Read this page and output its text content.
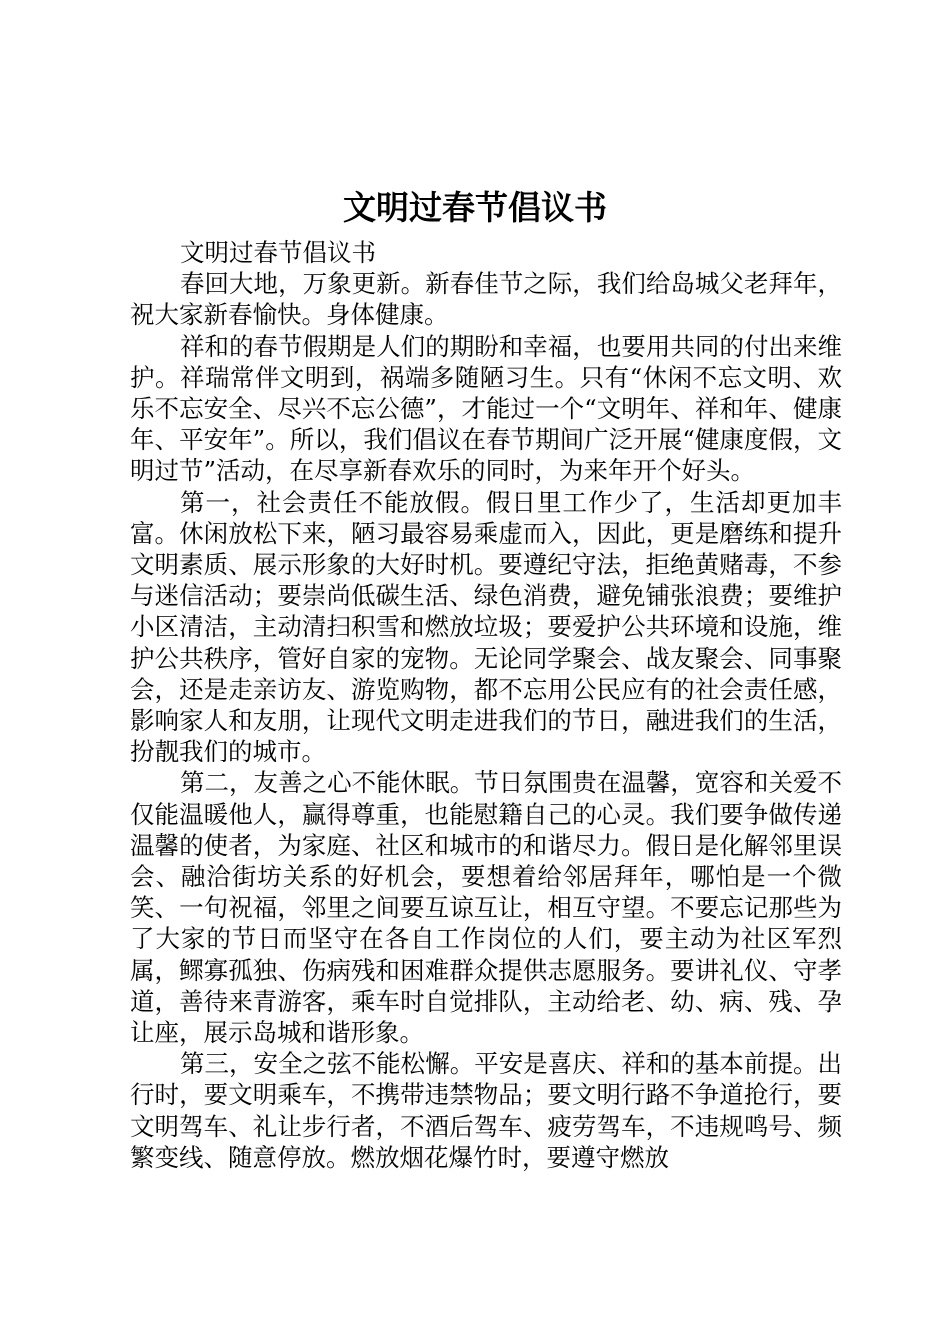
文明过春节倡议书

文明过春节倡议书

春回大地，万象更新。新春佳节之际，我们给岛城父老拜年，祝大家新春愉快。身体健康。

祥和的春节假期是人们的期盼和幸福，也要用共同的付出来维护。祥瑞常伴文明到，祸端多随陋习生。只有“休闲不忘文明、欢乐不忘安全、尽兴不忘公德”，才能过一个“文明年、祥和年、健康年、平安年”。所以，我们倡议在春节期间广泛开展“健康度假，文明过节”活动，在尽享新春欢乐的同时，为来年开个好头。

第一，社会责任不能放假。假日里工作少了，生活却更加丰富。休闲放松下来，陋习最容易乘虚而入，因此，更是磨练和提升文明素质、展示形象的大好时机。要遵纪守法，拒绝黄赌毒，不参与迷信活动；要崇尚低碳生活、绿色消费，避免铺张浪费；要维护小区清洁，主动清扫积雪和燃放垃圾；要爱护公共环境和设施，维护公共秩序，管好自家的宠物。无论同学聚会、战友聚会、同事聚会，还是走亲访友、游览购物，都不忘用公民应有的社会责任感，影响家人和友朋，让现代文明走进我们的节日，融进我们的生活，扮靓我们的城市。

第二，友善之心不能休眠。节日氛围贵在温馨，宽容和关爱不仅能温暖他人，赢得尊重，也能慰籍自己的心灵。我们要争做传递温馨的使者，为家庭、社区和城市的和谐尽力。假日是化解邻里误会、融洽街坊关系的好机会，要想着给邻居拜年，哪怕是一个微笑、一句祝福，邻里之间要互谅互让，相互守望。不要忘记那些为了大家的节日而坚守在各自工作岗位的人们，要主动为社区军烈属，鳏寡孤独、伤病残和困难群众提供志愿服务。要讲礼仪、守孝道，善待来青游客，乘车时自觉排队，主动给老、幼、病、残、孕让座，展示岛城和谐形象。

第三，安全之弦不能松懈。平安是喜庆、祥和的基本前提。出行时，要文明乘车，不携带违禁物品；要文明行路不争道抢行，要文明驾车、礼让步行者，不酒后驾车、疲劳驾车，不违规鸣号、频繁变线、随意停放。燃放烟花爆竹时，要遵守燃放
